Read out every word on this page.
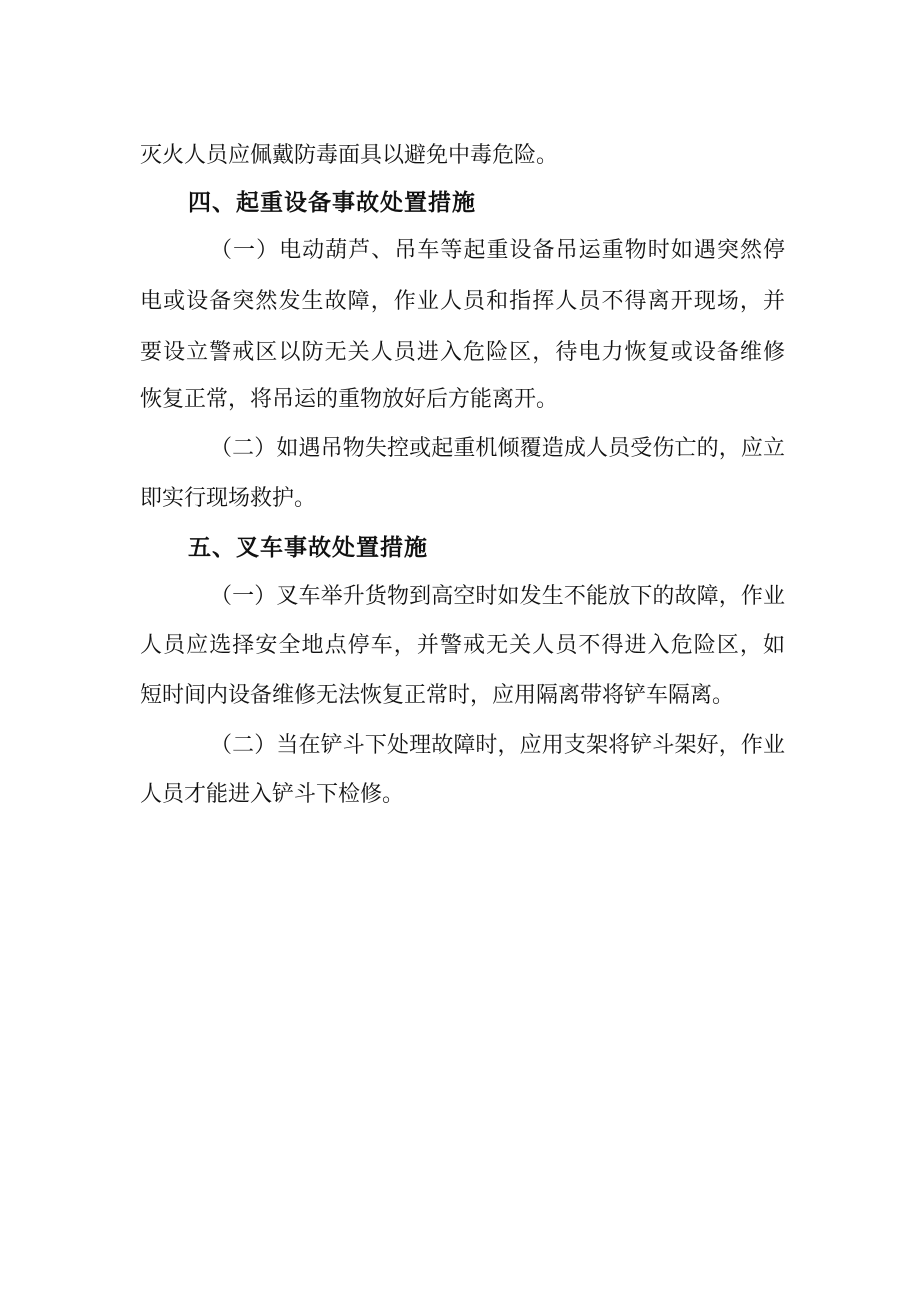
灭火人员应佩戴防毒面具以避免中毒危险。
四、起重设备事故处置措施
（一）电动葫芦、吊车等起重设备吊运重物时如遇突然停
电或设备突然发生故障，作业人员和指挥人员不得离开现场，并
要设立警戒区以防无关人员进入危险区，待电力恢复或设备维修
恢复正常，将吊运的重物放好后方能离开。
（二）如遇吊物失控或起重机倾覆造成人员受伤亡的，应立
即实行现场救护。
五、叉车事故处置措施
（一）叉车举升货物到高空时如发生不能放下的故障，作业
人员应选择安全地点停车，并警戒无关人员不得进入危险区，如
短时间内设备维修无法恢复正常时，应用隔离带将铲车隔离。
（二）当在铲斗下处理故障时，应用支架将铲斗架好，作业
人员才能进入铲斗下检修。
